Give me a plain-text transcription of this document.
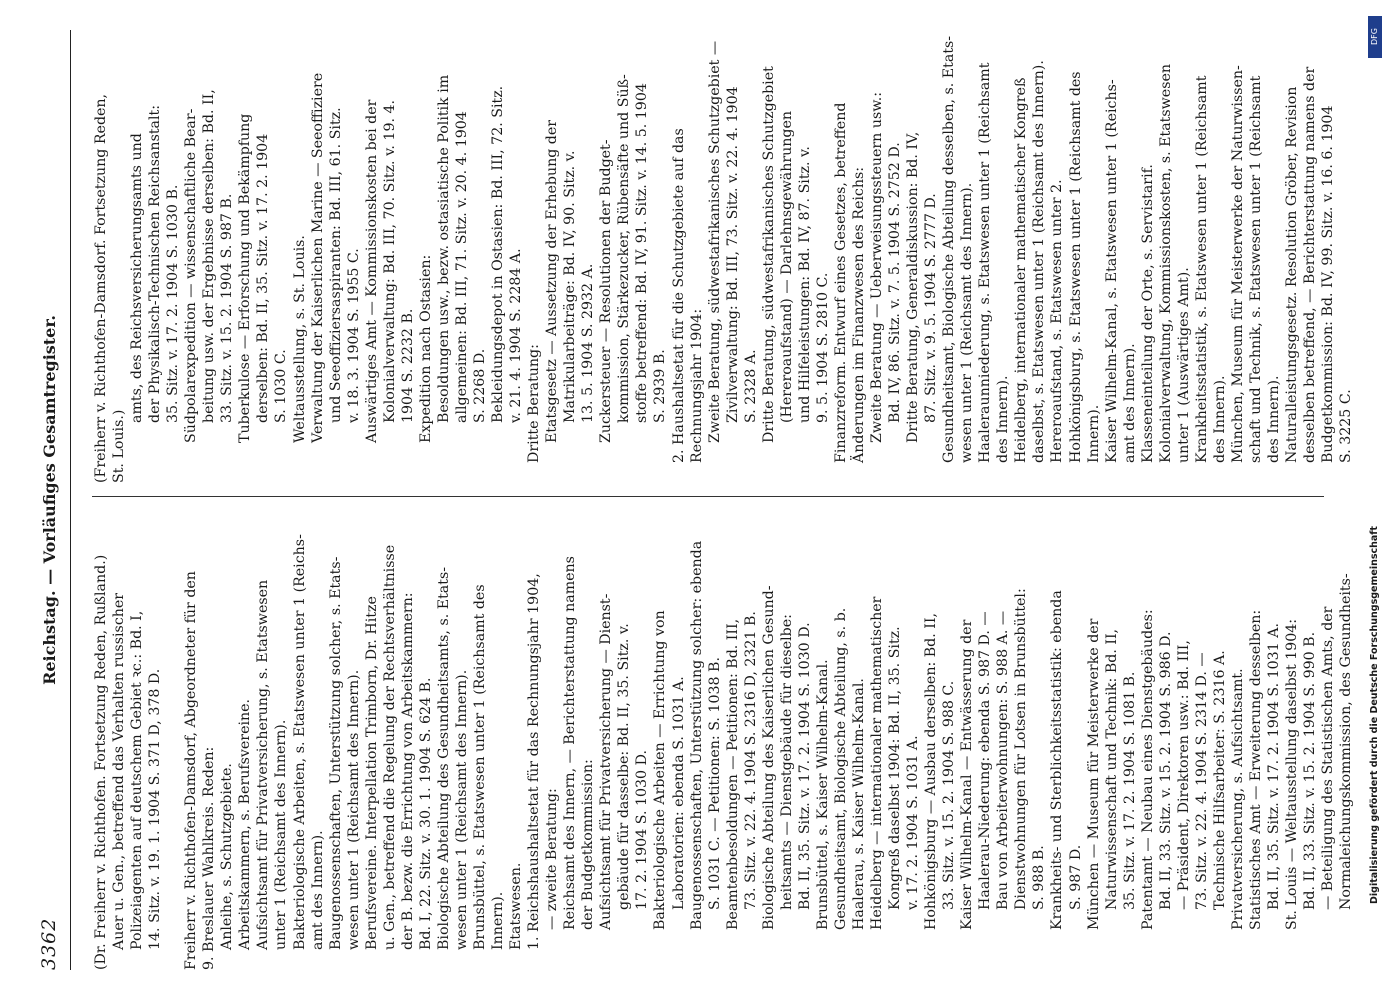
3362
Reichstag. — Vorläufiges Gesamtregister.
(Dr. Freiherr v. Richthofen. Fortsetzung Reden, Rußland.) Auer u. Gen., betreffend das Verhalten russischer Polizeiagenten auf deutschem Gebiet ꝛc.: Bd. I, 14. Sitz. v. 19. 1. 1904 S. 371 D, 378 D.
Freiherr v. Richthofen-Damsdorf, Abgeordneter für den 9. Breslauer Wahlkreis. Reden: Anleihe, s. Schutzgebiete. Arbeitskammern, s. Berufsvereine. Aufsichtsamt für Privatversicherung, s. Etatswesen unter 1 (Reichsamt des Innern). Bakteriologische Arbeiten, s. Etatswesen unter 1 (Reichs- amt des Innern). Baugenossenschaften, Unterstützung solcher, s. Etats- wesen unter 1 (Reichsamt des Innern). Berufsvereine. Interpellation Trimborn, Dr. Hitze u. Gen., betreffend die Regelung der Rechtsverhältnisse der B. bezw. die Errichtung von Arbeitskammern: Bd. I, 22. Sitz. v. 30. 1. 1904 S. 624 B. Biologische Abteilung des Gesundheitsamts, s. Etats- wesen unter 1 (Reichsamt des Innern). Brunsbüttel, s. Etatswesen unter 1 (Reichsamt des Innern). Etatswesen. 1. Reichshaushaltsetat für das Rechnungsjahr 1904, — zweite Beratung: Reichsamt des Innern, — Berichterstattung namens der Budgetkommission: Aufsichtsamt für Privatversicherung — Dienst- gebäude für dasselbe: Bd. II, 35. Sitz. v. 17. 2. 1904 S. 1030 D. Bakteriologische Arbeiten — Errichtung von Laboratorien: ebenda S. 1031 A. Baugenossenschaften, Unterstützung solcher: ebenda S. 1031 C. — Petitionen: S. 1038 B. Beamtenbesoldungen — Petitionen: Bd. III, 73. Sitz. v. 22. 4. 1904 S. 2316 D, 2321 B. Biologische Abteilung des Kaiserlichen Gesund- heitsamts — Dienstgebäude für dieselbe: Bd. II, 35. Sitz. v. 17. 2. 1904 S. 1030 D. Brunsbüttel, s. Kaiser Wilhelm-Kanal. Gesundheitsamt, Biologische Abteilung, s. b. Haalerau, s. Kaiser Wilhelm-Kanal. Heidelberg — internationaler mathematischer Kongreß daselbst 1904: Bd. II, 35. Sitz. v. 17. 2. 1904 S. 1031 A. Hohkönigsburg — Ausbau derselben: Bd. II, 33. Sitz. v. 15. 2. 1904 S. 988 C. Kaiser Wilhelm-Kanal — Entwässerung der Haalerau-Niederung: ebenda S. 987 D. — Bau von Arbeiterwohnungen: S. 988 A. — Dienstwohnungen für Lotsen in Brunsbüttel: S. 988 B. Krankheits- und Sterblichkeitsstatistik: ebenda S. 987 D. München — Museum für Meisterwerke der Naturwissenschaft und Technik: Bd. II, 35. Sitz. v. 17. 2. 1904 S. 1081 B. Patentamt — Neubau eines Dienstgebäudes: Bd. II, 33. Sitz. v. 15. 2. 1904 S. 986 D. — Präsident, Direktoren usw.: Bd. III, 73. Sitz. v. 22. 4. 1904 S. 2314 D. — Technische Hilfsarbeiter: S. 2316 A. Privatversicherung, s. Aufsichtsamt. Statistisches Amt — Erweiterung desselben: Bd. II, 35. Sitz. v. 17. 2. 1904 S. 1031 A. St. Louis — Weltausstellung daselbst 1904: Bd. II, 33. Sitz. v. 15. 2. 1904 S. 990 B. — Beteiligung des Statistischen Amts, der Normaleichungskommission, des Gesundheits-
(Freiherr v. Richthofen-Damsdorf. Fortsetzung Reden, St. Louis.)
amts, des Reichsversicherungsamts und der Physikalisch-Technischen Reichsanstalt: 35. Sitz. v. 17. 2. 1904 S. 1030 B. Südpolarexpedition — wissenschaftliche Bear- beitung usw. der Ergebnisse derselben: Bd. II, 33. Sitz. v. 15. 2. 1904 S. 987 B. Tuberkulose — Erforschung und Bekämpfung derselben: Bd. II, 35. Sitz. v. 17. 2. 1904 S. 1030 C. Weltausstellung, s. St. Louis. Verwaltung der Kaiserlichen Marine — Seeoffiziere und Seeoffiziersaspiranten: Bd. III, 61. Sitz. v. 18. 3. 1904 S. 1955 C. Auswärtiges Amt — Kommissionskosten bei der Kolonialverwaltung: Bd. III, 70. Sitz. v. 19. 4. 1904 S. 2232 B. Expedition nach Ostasien: Besoldungen usw., bezw. ostasiatische Politik im allgemeinen: Bd. III, 71. Sitz. v. 20. 4. 1904 S. 2268 D. Bekleidungsdepot in Ostasien: Bd. III, 72. Sitz. v. 21. 4. 1904 S. 2284 A. Dritte Beratung: Etatsgesetz — Aussetzung der Erhebung der Matrikularbeiträge: Bd. IV, 90. Sitz. v. 13. 5. 1904 S. 2932 A. Zuckersteuer — Resolutionen der Budget- kommission, Stärkezucker, Rübensäfte und Süß- stoffe betreffend: Bd. IV, 91. Sitz. v. 14. 5. 1904 S. 2939 B. 2. Haushaltsetat für die Schutzgebiete auf das Rechnungsjahr 1904: Zweite Beratung, südwestafrikanisches Schutzgebiet — Zivilverwaltung: Bd. III, 73. Sitz. v. 22. 4. 1904 S. 2328 A. Dritte Beratung, südwestafrikanisches Schutzgebiet (Hereroaufstand) — Darlehnsgewährungen und Hilfeleistungen: Bd. IV, 87. Sitz. v. 9. 5. 1904 S. 2810 C. Finanzreform. Entwurf eines Gesetzes, betreffend Änderungen im Finanzwesen des Reichs: Zweite Beratung — Ueberweisungssteuern usw.: Bd. IV, 86. Sitz. v. 7. 5. 1904 S. 2752 D. Dritte Beratung, Generaldiskussion: Bd. IV, 87. Sitz. v. 9. 5. 1904 S. 2777 D. Gesundheitsamt, Biologische Abteilung desselben, s. Etats- wesen unter 1 (Reichsamt des Innern). Haaleraunniederung, s. Etatswesen unter 1 (Reichsamt des Innern). Heidelberg, internationaler mathematischer Kongreß daselbst, s. Etatswesen unter 1 (Reichsamt des Innern). Hereroaufstand, s. Etatswesen unter 2. Hohkönigsburg, s. Etatswesen unter 1 (Reichsamt des Innern). Kaiser Wilhelm-Kanal, s. Etatswesen unter 1 (Reichs- amt des Innern). Klasseneinteilung der Orte, s. Servistarif. Kolonialverwaltung, Kommissionskosten, s. Etatswesen unter 1 (Auswärtiges Amt). Krankheitsstatistik, s. Etatswesen unter 1 (Reichsamt des Innern). München, Museum für Meisterwerke der Naturwissen- schaft und Technik, s. Etatswesen unter 1 (Reichsamt des Innern). Naturalleistungsgesetz. Resolution Gröber, Revision desselben betreffend, — Berichterstattung namens der Budgetkommission: Bd. IV, 99. Sitz. v. 16. 6. 1904 S. 3225 C.
DFG
Digitalisierung gefördert durch die Deutsche Forschungsgemeinschaft
